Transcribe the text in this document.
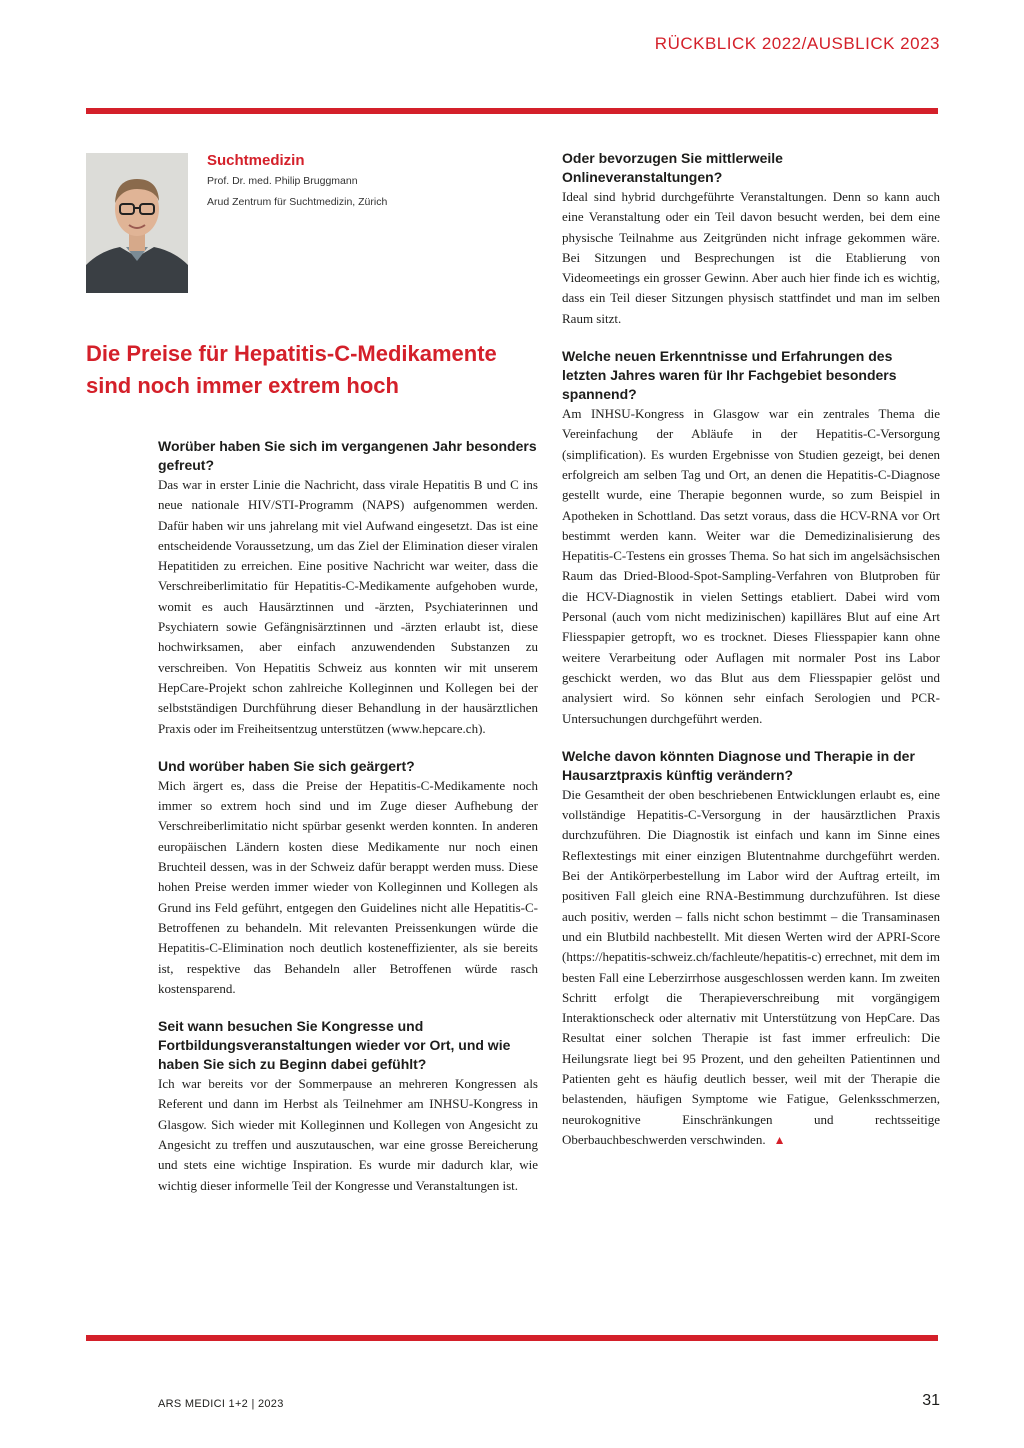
RÜCKBLICK 2022/AUSBLICK 2023

Suchtmedizin

Prof. Dr. med. Philip Bruggmann

Arud Zentrum für Suchtmedizin, Zürich

Die Preise für Hepatitis-C-Medikamente
sind noch immer extrem hoch

Worüber haben Sie sich im vergangenen Jahr besonders gefreut?

Das war in erster Linie die Nachricht, dass virale Hepatitis B und C ins neue nationale HIV/STI-Programm (NAPS) aufgenommen werden. Dafür haben wir uns jahrelang mit viel Aufwand eingesetzt. Das ist eine entscheidende Voraussetzung, um das Ziel der Elimination dieser viralen Hepatitiden zu erreichen. Eine positive Nachricht war weiter, dass die Verschreiberlimitatio für Hepatitis-C-Medikamente aufgehoben wurde, womit es auch Hausärztinnen und -ärzten, Psychiaterinnen und Psychiatern sowie Gefängnisärztinnen und -ärzten erlaubt ist, diese hochwirksamen, aber einfach anzuwendenden Substanzen zu verschreiben. Von Hepatitis Schweiz aus konnten wir mit unserem HepCare-Projekt schon zahlreiche Kolleginnen und Kollegen bei der selbstständigen Durchführung dieser Behandlung in der hausärztlichen Praxis oder im Freiheitsentzug unterstützen (www.hepcare.ch).

Und worüber haben Sie sich geärgert?

Mich ärgert es, dass die Preise der Hepatitis-C-Medikamente noch immer so extrem hoch sind und im Zuge dieser Aufhebung der Verschreiberlimitatio nicht spürbar gesenkt werden konnten. In anderen europäischen Ländern kosten diese Medikamente nur noch einen Bruchteil dessen, was in der Schweiz dafür berappt werden muss. Diese hohen Preise werden immer wieder von Kolleginnen und Kollegen als Grund ins Feld geführt, entgegen den Guidelines nicht alle Hepatitis-C-Betroffenen zu behandeln. Mit relevanten Preissenkungen würde die Hepatitis-C-Elimination noch deutlich kosteneffizienter, als sie bereits ist, respektive das Behandeln aller Betroffenen würde rasch kostensparend.

Seit wann besuchen Sie Kongresse und Fortbildungsveranstaltungen wieder vor Ort, und wie haben Sie sich zu Beginn dabei gefühlt?

Ich war bereits vor der Sommerpause an mehreren Kongressen als Referent und dann im Herbst als Teilnehmer am INHSU-Kongress in Glasgow. Sich wieder mit Kolleginnen und Kollegen von Angesicht zu Angesicht zu treffen und auszutauschen, war eine grosse Bereicherung und stets eine wichtige Inspiration. Es wurde mir dadurch klar, wie wichtig dieser informelle Teil der Kongresse und Veranstaltungen ist.

Oder bevorzugen Sie mittlerweile Onlineveranstaltungen?

Ideal sind hybrid durchgeführte Veranstaltungen. Denn so kann auch eine Veranstaltung oder ein Teil davon besucht werden, bei dem eine physische Teilnahme aus Zeitgründen nicht infrage gekommen wäre. Bei Sitzungen und Besprechungen ist die Etablierung von Videomeetings ein grosser Gewinn. Aber auch hier finde ich es wichtig, dass ein Teil dieser Sitzungen physisch stattfindet und man im selben Raum sitzt.

Welche neuen Erkenntnisse und Erfahrungen des letzten Jahres waren für Ihr Fachgebiet besonders spannend?

Am INHSU-Kongress in Glasgow war ein zentrales Thema die Vereinfachung der Abläufe in der Hepatitis-C-Versorgung (simplification). Es wurden Ergebnisse von Studien gezeigt, bei denen erfolgreich am selben Tag und Ort, an denen die Hepatitis-C-Diagnose gestellt wurde, eine Therapie begonnen wurde, so zum Beispiel in Apotheken in Schottland. Das setzt voraus, dass die HCV-RNA vor Ort bestimmt werden kann. Weiter war die Demedizinalisierung des Hepatitis-C-Testens ein grosses Thema. So hat sich im angelsächsischen Raum das Dried-Blood-Spot-Sampling-Verfahren von Blutproben für die HCV-Diagnostik in vielen Settings etabliert. Dabei wird vom Personal (auch vom nicht medizinischen) kapilläres Blut auf eine Art Fliesspapier getropft, wo es trocknet. Dieses Fliesspapier kann ohne weitere Verarbeitung oder Auflagen mit normaler Post ins Labor geschickt werden, wo das Blut aus dem Fliesspapier gelöst und analysiert wird. So können sehr einfach Serologien und PCR-Untersuchungen durchgeführt werden.

Welche davon könnten Diagnose und Therapie in der Hausarztpraxis künftig verändern?

Die Gesamtheit der oben beschriebenen Entwicklungen erlaubt es, eine vollständige Hepatitis-C-Versorgung in der hausärztlichen Praxis durchzuführen. Die Diagnostik ist einfach und kann im Sinne eines Reflextestings mit einer einzigen Blutentnahme durchgeführt werden. Bei der Antikörperbestellung im Labor wird der Auftrag erteilt, im positiven Fall gleich eine RNA-Bestimmung durchzuführen. Ist diese auch positiv, werden – falls nicht schon bestimmt – die Transaminasen und ein Blutbild nachbestellt. Mit diesen Werten wird der APRI-Score (https://hepatitis-schweiz.ch/fachleute/hepatitis-c) errechnet, mit dem im besten Fall eine Leberzirrhose ausgeschlossen werden kann. Im zweiten Schritt erfolgt die Therapieverschreibung mit vorgängigem Interaktionscheck oder alternativ mit Unterstützung von HepCare. Das Resultat einer solchen Therapie ist fast immer erfreulich: Die Heilungsrate liegt bei 95 Prozent, und den geheilten Patientinnen und Patienten geht es häufig deutlich besser, weil mit der Therapie die belastenden, häufigen Symptome wie Fatigue, Gelenksschmerzen, neurokognitive Einschränkungen und rechtsseitige Oberbauchbeschwerden verschwinden. ▲

ARS MEDICI 1+2 | 2023	31
